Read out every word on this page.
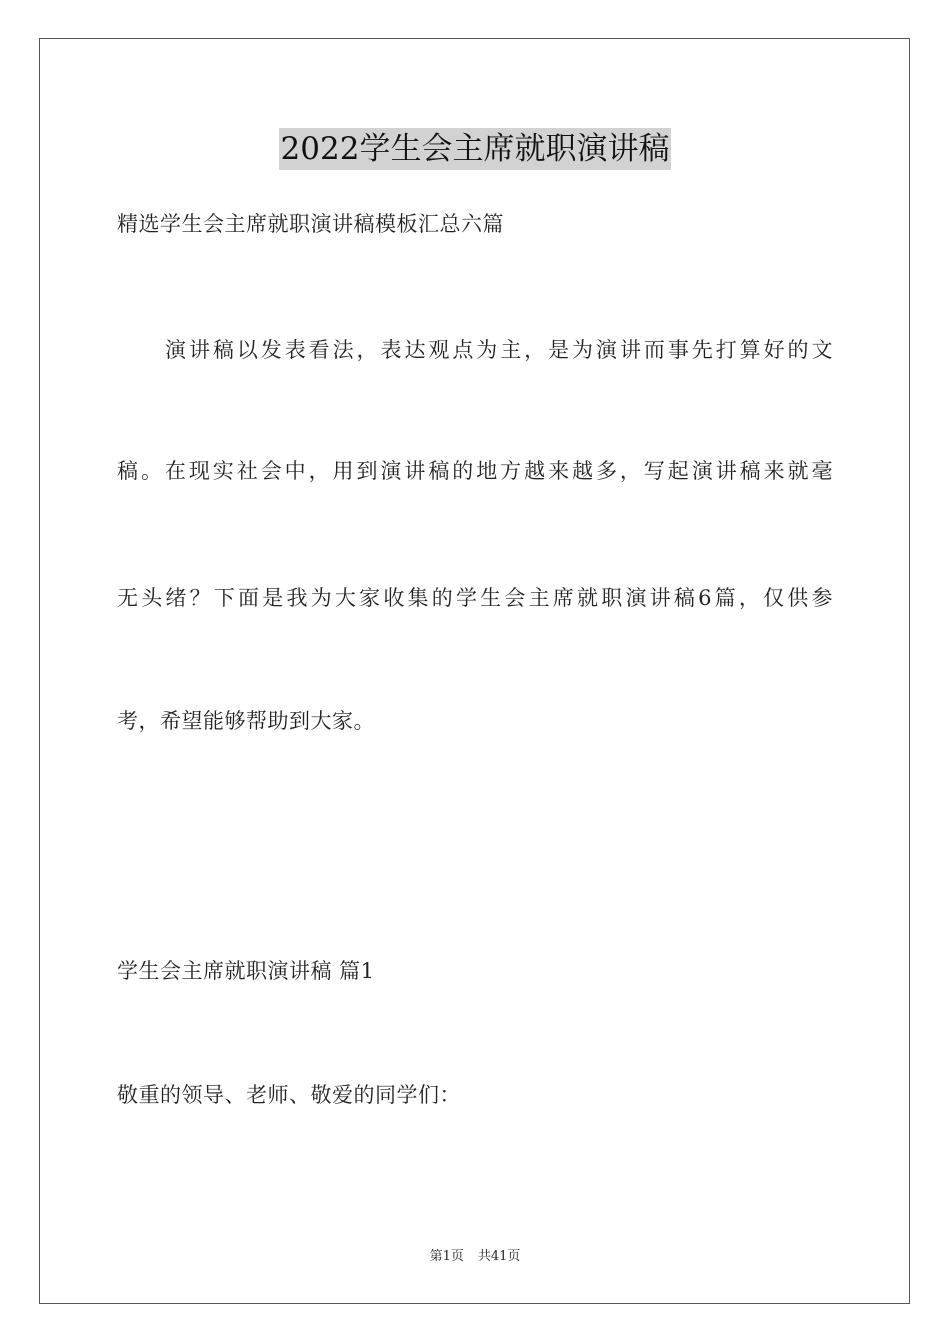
2022学生会主席就职演讲稿
精选学生会主席就职演讲稿模板汇总六篇
演讲稿以发表看法，表达观点为主，是为演讲而事先打算好的文
稿。在现实社会中，用到演讲稿的地方越来越多，写起演讲稿来就毫
无头绪？下面是我为大家收集的学生会主席就职演讲稿6篇，仅供参
考，希望能够帮助到大家。
学生会主席就职演讲稿 篇1
敬重的领导、老师、敬爱的同学们：
第1页 共41页
